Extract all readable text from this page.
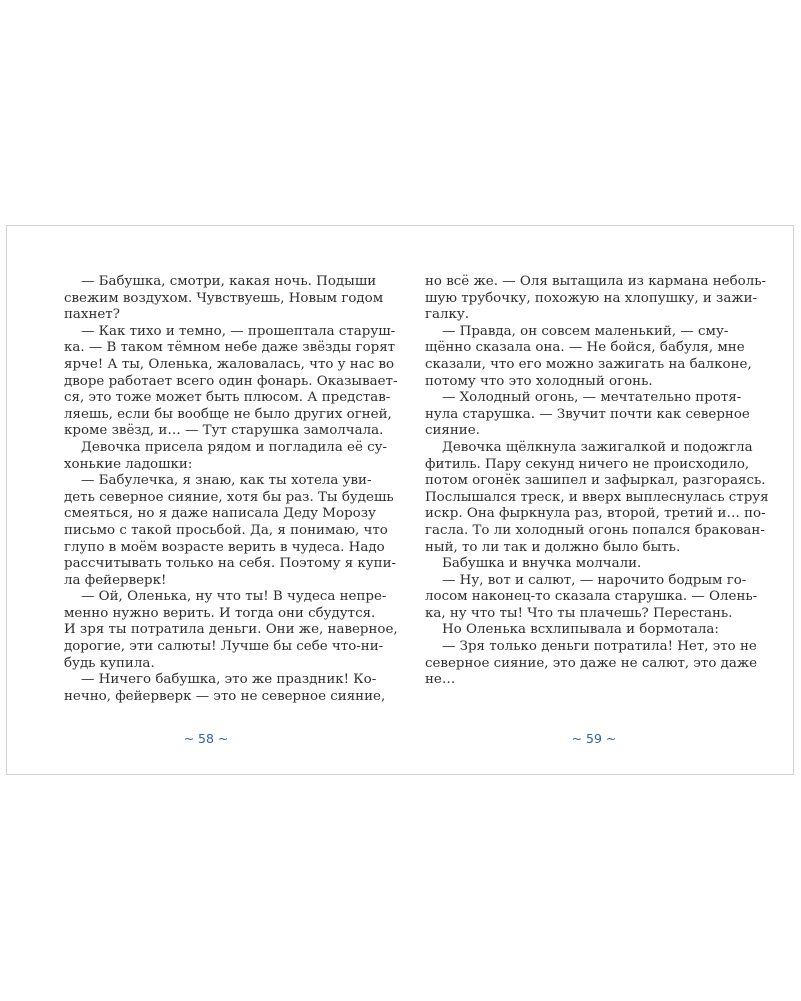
— Бабушка, смотри, какая ночь. Подыши
свежим воздухом. Чувствуешь, Новым годом
пахнет?
— Как тихо и темно, — прошептала старуш-
ка. — В таком тёмном небе даже звёзды горят
ярче! А ты, Оленька, жаловалась, что у нас во
дворе работает всего один фонарь. Оказывает-
ся, это тоже может быть плюсом. А представ-
ляешь, если бы вообще не было других огней,
кроме звёзд, и… — Тут старушка замолчала.
Девочка присела рядом и погладила её су-
хонькие ладошки:
— Бабулечка, я знаю, как ты хотела уви-
деть северное сияние, хотя бы раз. Ты будешь
смеяться, но я даже написала Деду Морозу
письмо с такой просьбой. Да, я понимаю, что
глупо в моём возрасте верить в чудеса. Надо
рассчитывать только на себя. Поэтому я купи-
ла фейерверк!
— Ой, Оленька, ну что ты! В чудеса непре-
менно нужно верить. И тогда они сбудутся.
И зря ты потратила деньги. Они же, наверное,
дорогие, эти салюты! Лучше бы себе что-ни-
будь купила.
— Ничего бабушка, это же праздник! Ко-
нечно, фейерверк — это не северное сияние,
но всё же. — Оля вытащила из кармана неболь-
шую трубочку, похожую на хлопушку, и зажи-
галку.
— Правда, он совсем маленький, — сму-
щённо сказала она. — Не бойся, бабуля, мне
сказали, что его можно зажигать на балконе,
потому что это холодный огонь.
— Холодный огонь, — мечтательно протя-
нула старушка. — Звучит почти как северное
сияние.
Девочка щёлкнула зажигалкой и подожгла
фитиль. Пару секунд ничего не происходило,
потом огонёк зашипел и зафыркал, разгораясь.
Послышался треск, и вверх выплеснулась струя
искр. Она фыркнула раз, второй, третий и… по-
гасла. То ли холодный огонь попался бракован-
ный, то ли так и должно было быть.
Бабушка и внучка молчали.
— Ну, вот и салют, — нарочито бодрым го-
лосом наконец-то сказала старушка. — Олень-
ка, ну что ты! Что ты плачешь? Перестань.
Но Оленька всхлипывала и бормотала:
— Зря только деньги потратила! Нет, это не
северное сияние, это даже не салют, это даже
не…
~ 58 ~	~ 59 ~
